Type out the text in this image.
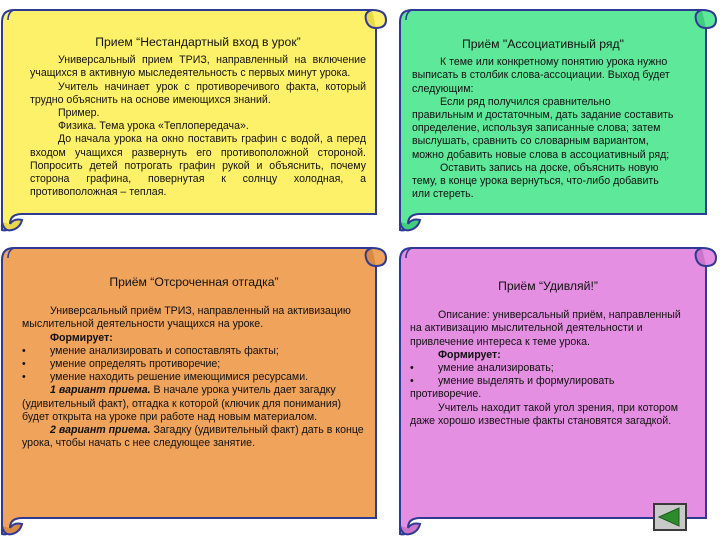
Прием “Нестандартный вход в урок”

Универсальный прием ТРИЗ, направленный на включение учащихся в активную мыследеятельность с первых минут урока.

Учитель начинает урок с противоречивого факта, который трудно объяснить на основе имеющихся знаний.

Пример.

Физика. Тема урока «Теплопередача».

До начала урока на окно поставить графин с водой, а перед входом учащихся развернуть его противоположной стороной. Попросить детей потрогать графин рукой и объяснить, почему сторона графина, повернутая к солнцу холодная, а противоположная – теплая.

Приём "Ассоциативный ряд"

К теме или конкретному понятию урока нужно выписать в столбик слова-ассоциации. Выход будет следующим:

Если ряд получился сравнительно правильным и достаточным, дать задание составить определение, используя записанные слова; затем выслушать, сравнить со словарным вариантом, можно добавить новые слова в ассоциативный ряд;

Оставить запись на доске, объяснить новую тему, в конце урока вернуться, что-либо добавить или стереть.

Приём “Отсроченная отгадка”

Универсальный приём ТРИЗ, направленный на активизацию мыслительной деятельности учащихся на уроке.

Формирует:

•	умение анализировать и сопоставлять факты;
•	умение определять противоречие;
•	умение находить решение имеющимися ресурсами.

1 вариант приема. В начале урока учитель дает загадку (удивительный факт), отгадка к которой (ключик для понимания) будет открыта на уроке при работе над новым материалом.

2 вариант приема. Загадку (удивительный факт) дать в конце урока, чтобы начать с нее следующее занятие.

Приём “Удивляй!”

Описание: универсальный приём, направленный на активизацию мыслительной деятельности и привлечение интереса к теме урока.

Формирует:

•	умение анализировать;
•	умение выделять и формулировать

противоречие.

Учитель находит такой угол зрения, при котором даже хорошо известные факты становятся загадкой.
